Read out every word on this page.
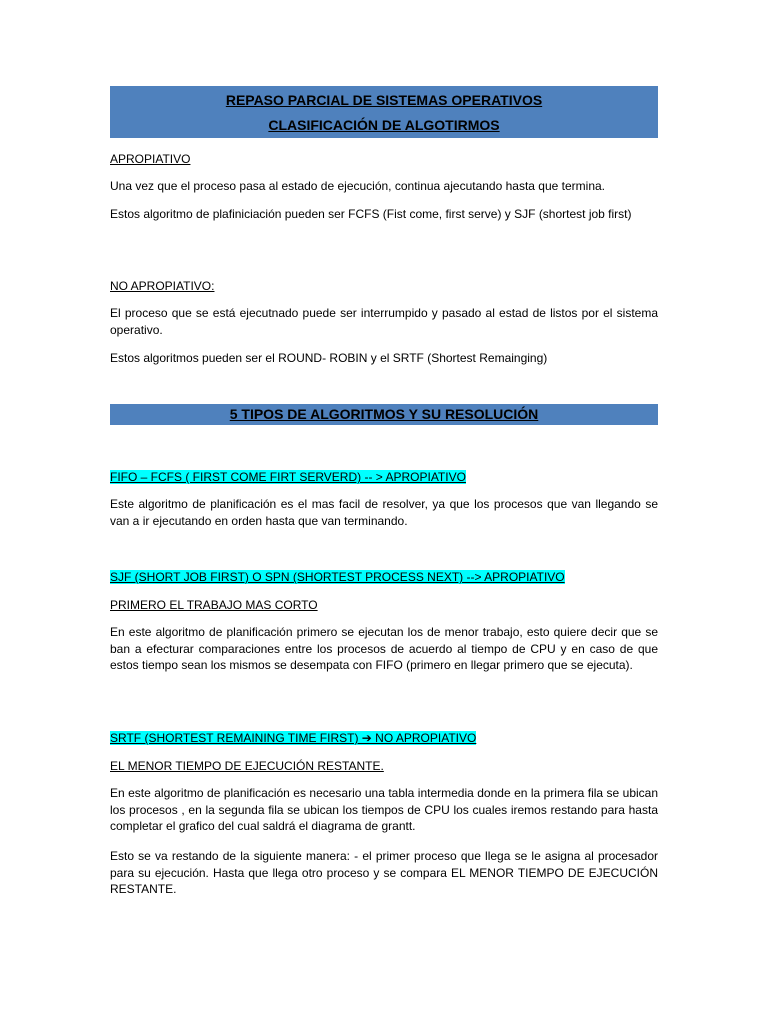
REPASO PARCIAL DE SISTEMAS OPERATIVOS
CLASIFICACIÓN DE ALGOTIRMOS

APROPIATIVO

Una vez que el proceso pasa al estado de ejecución, continua ajecutando hasta que termina.

Estos algoritmo de plafiniciación pueden ser FCFS (Fist come, first serve) y SJF (shortest job first)

NO APROPIATIVO:

El proceso que se está ejecutnado puede ser interrumpido y pasado al estad de listos por el sistema operativo.

Estos algoritmos pueden ser el ROUND- ROBIN y el SRTF (Shortest Remainging)

5 TIPOS DE ALGORITMOS Y SU RESOLUCIÓN

FIFO – FCFS ( FIRST COME FIRT SERVERD) -- > APROPIATIVO

Este algoritmo de planificación es el mas facil de resolver, ya que los procesos que van llegando se van a ir ejecutando en orden hasta que van terminando.

SJF (SHORT JOB FIRST) O SPN (SHORTEST PROCESS NEXT) --> APROPIATIVO

PRIMERO EL TRABAJO MAS CORTO

En este algoritmo de planificación primero se ejecutan los de menor trabajo, esto quiere decir que se ban a efecturar comparaciones entre los procesos de acuerdo al tiempo de CPU y en caso de que estos tiempo sean los mismos se desempata con FIFO (primero en llegar primero que se ejecuta).

SRTF (SHORTEST REMAINING TIME FIRST) ➔ NO APROPIATIVO

EL MENOR TIEMPO DE EJECUCIÓN RESTANTE.

En este algoritmo de planificación es necesario una tabla intermedia donde en la primera fila se ubican los procesos , en la segunda fila se ubican los tiempos de CPU los cuales iremos restando para hasta completar el grafico del cual saldrá el diagrama de grantt.

Esto se va restando de la siguiente manera: - el primer proceso que llega se le asigna al procesador para su ejecución. Hasta que llega otro proceso y se compara EL MENOR TIEMPO DE EJECUCIÓN RESTANTE.
